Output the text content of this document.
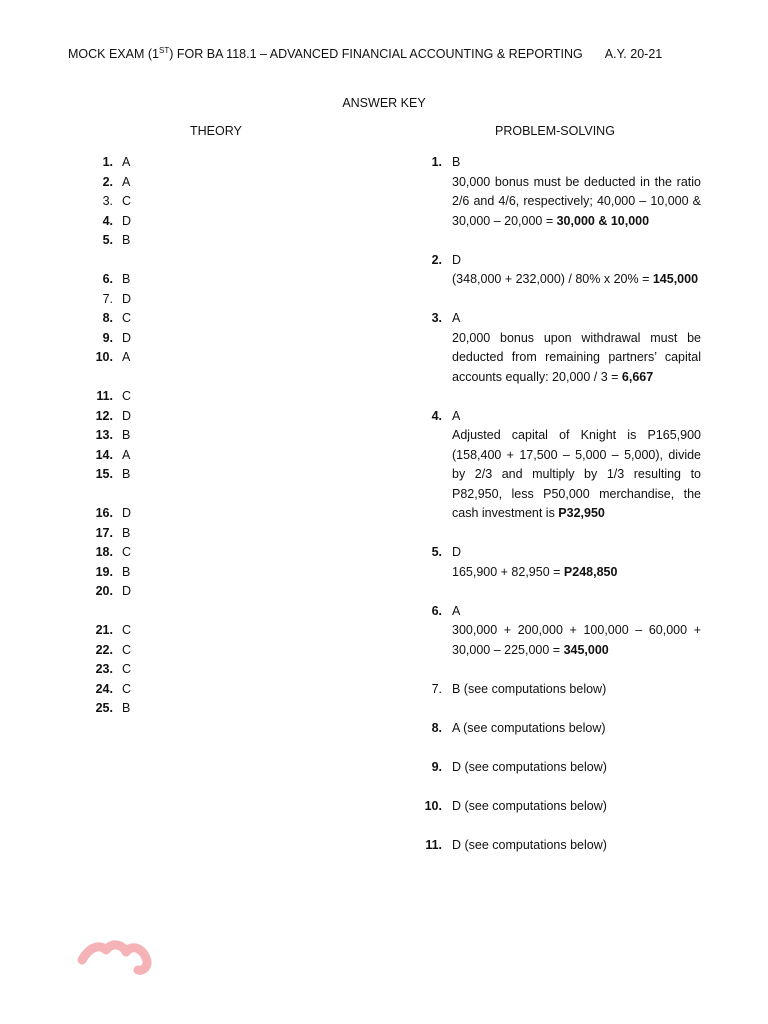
MOCK EXAM (1ST) FOR BA 118.1 – ADVANCED FINANCIAL ACCOUNTING & REPORTING A.Y. 20-21
ANSWER KEY
THEORY	PROBLEM-SOLVING
1. A
2. A
3. C
4. D
5. B
6. B
7. D
8. C
9. D
10. A
11. C
12. D
13. B
14. A
15. B
16. D
17. B
18. C
19. B
20. D
21. C
22. C
23. C
24. C
25. B
1. B
30,000 bonus must be deducted in the ratio 2/6 and 4/6, respectively; 40,000 – 10,000 & 30,000 – 20,000 = 30,000 & 10,000
2. D
(348,000 + 232,000) / 80% x 20% = 145,000
3. A
20,000 bonus upon withdrawal must be deducted from remaining partners’ capital accounts equally: 20,000 / 3 = 6,667
4. A
Adjusted capital of Knight is P165,900 (158,400 + 17,500 – 5,000 – 5,000), divide by 2/3 and multiply by 1/3 resulting to P82,950, less P50,000 merchandise, the cash investment is P32,950
5. D
165,900 + 82,950 = P248,850
6. A
300,000 + 200,000 + 100,000 – 60,000 + 30,000 – 225,000 = 345,000
7. B (see computations below)
8. A (see computations below)
9. D (see computations below)
10. D (see computations below)
11. D (see computations below)
